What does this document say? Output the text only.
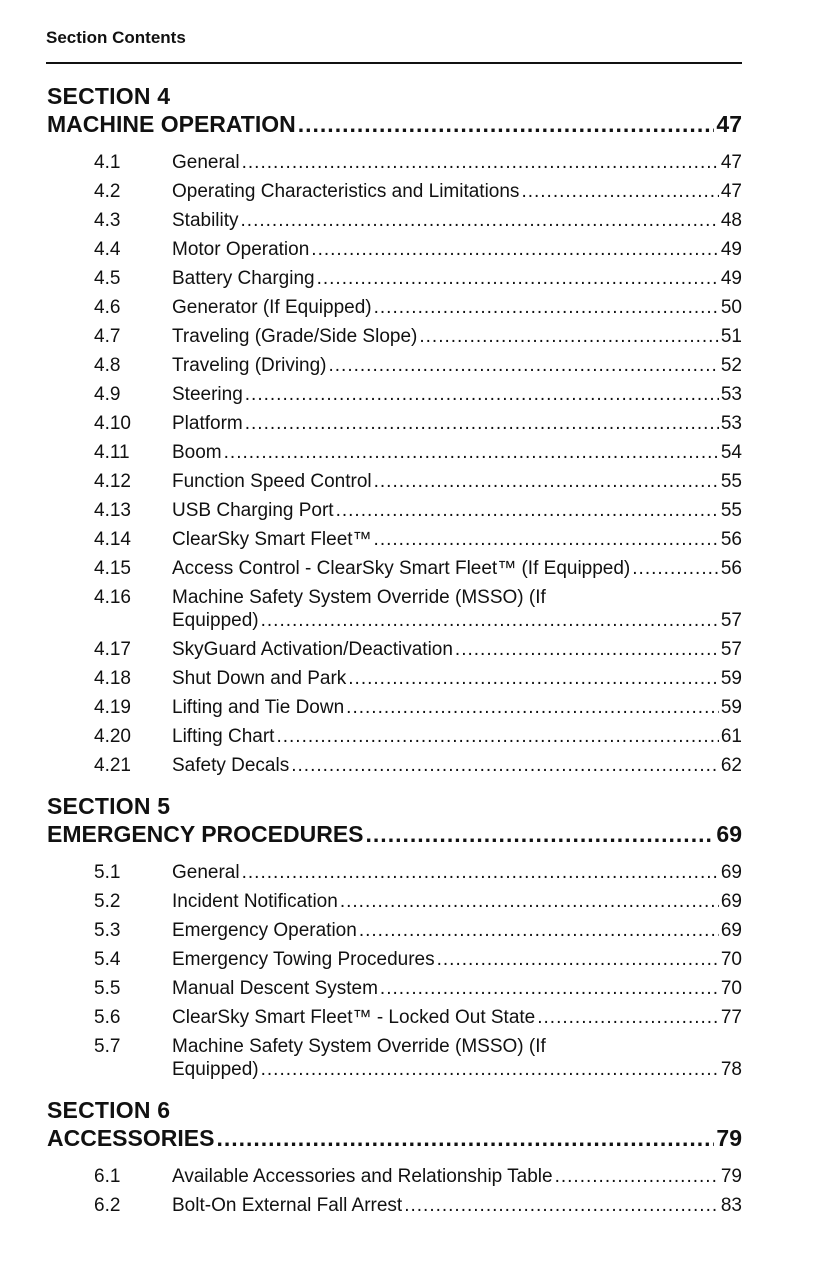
Section Contents
SECTION 4
MACHINE OPERATION .....	47
4.1	General .....	47
4.2	Operating Characteristics and Limitations .....	47
4.3	Stability .....	48
4.4	Motor Operation .....	49
4.5	Battery Charging .....	49
4.6	Generator (If Equipped) .....	50
4.7	Traveling (Grade/Side Slope) .....	51
4.8	Traveling (Driving) .....	52
4.9	Steering .....	53
4.10 Platform .....	53
4.11 Boom .....	54
4.12 Function Speed Control .....	55
4.13 USB Charging Port .....	55
4.14 ClearSky Smart Fleet™ .....	56
4.15 Access Control - ClearSky Smart Fleet™ (If Equipped) .....	56
4.16 Machine Safety System Override (MSSO) (If
Equipped) .....	57
4.17 SkyGuard Activation/Deactivation .....	57
4.18 Shut Down and Park .....	59
4.19 Lifting and Tie Down .....	59
4.20 Lifting Chart .....	61
4.21 Safety Decals .....	62
SECTION 5
EMERGENCY PROCEDURES .....	69
5.1	General .....	69
5.2	Incident Notification .....	69
5.3	Emergency Operation .....	69
5.4	Emergency Towing Procedures .....	70
5.5	Manual Descent System .....	70
5.6	ClearSky Smart Fleet™ - Locked Out State .....	77
5.7	Machine Safety System Override (MSSO) (If
Equipped) .....	78
SECTION 6
ACCESSORIES .....	79
6.1	Available Accessories and Relationship Table .....	79
6.2	Bolt-On External Fall Arrest .....	83
